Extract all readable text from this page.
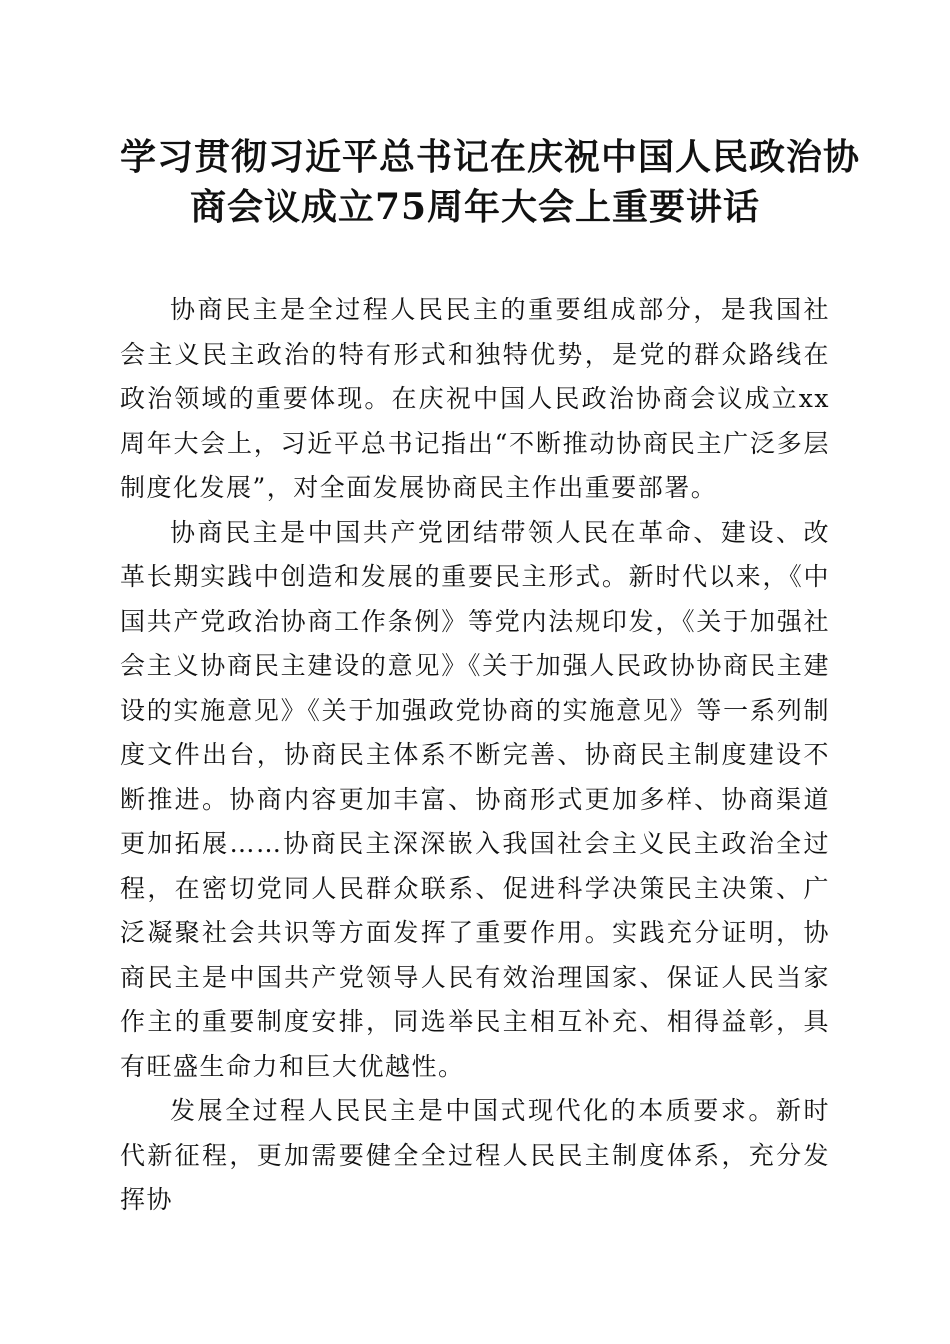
学习贯彻习近平总书记在庆祝中国人民政治协
商会议成立75周年大会上重要讲话

协商民主是全过程人民民主的重要组成部分，是我国社会主义民主政治的特有形式和独特优势，是党的群众路线在政治领域的重要体现。在庆祝中国人民政治协商会议成立xx周年大会上，习近平总书记指出“不断推动协商民主广泛多层制度化发展”，对全面发展协商民主作出重要部署。

协商民主是中国共产党团结带领人民在革命、建设、改革长期实践中创造和发展的重要民主形式。新时代以来，《中国共产党政治协商工作条例》等党内法规印发，《关于加强社会主义协商民主建设的意见》《关于加强人民政协协商民主建设的实施意见》《关于加强政党协商的实施意见》等一系列制度文件出台，协商民主体系不断完善、协商民主制度建设不断推进。协商内容更加丰富、协商形式更加多样、协商渠道更加拓展……协商民主深深嵌入我国社会主义民主政治全过程，在密切党同人民群众联系、促进科学决策民主决策、广泛凝聚社会共识等方面发挥了重要作用。实践充分证明，协商民主是中国共产党领导人民有效治理国家、保证人民当家作主的重要制度安排，同选举民主相互补充、相得益彰，具有旺盛生命力和巨大优越性。

发展全过程人民民主是中国式现代化的本质要求。新时代新征程，更加需要健全全过程人民民主制度体系，充分发挥协
